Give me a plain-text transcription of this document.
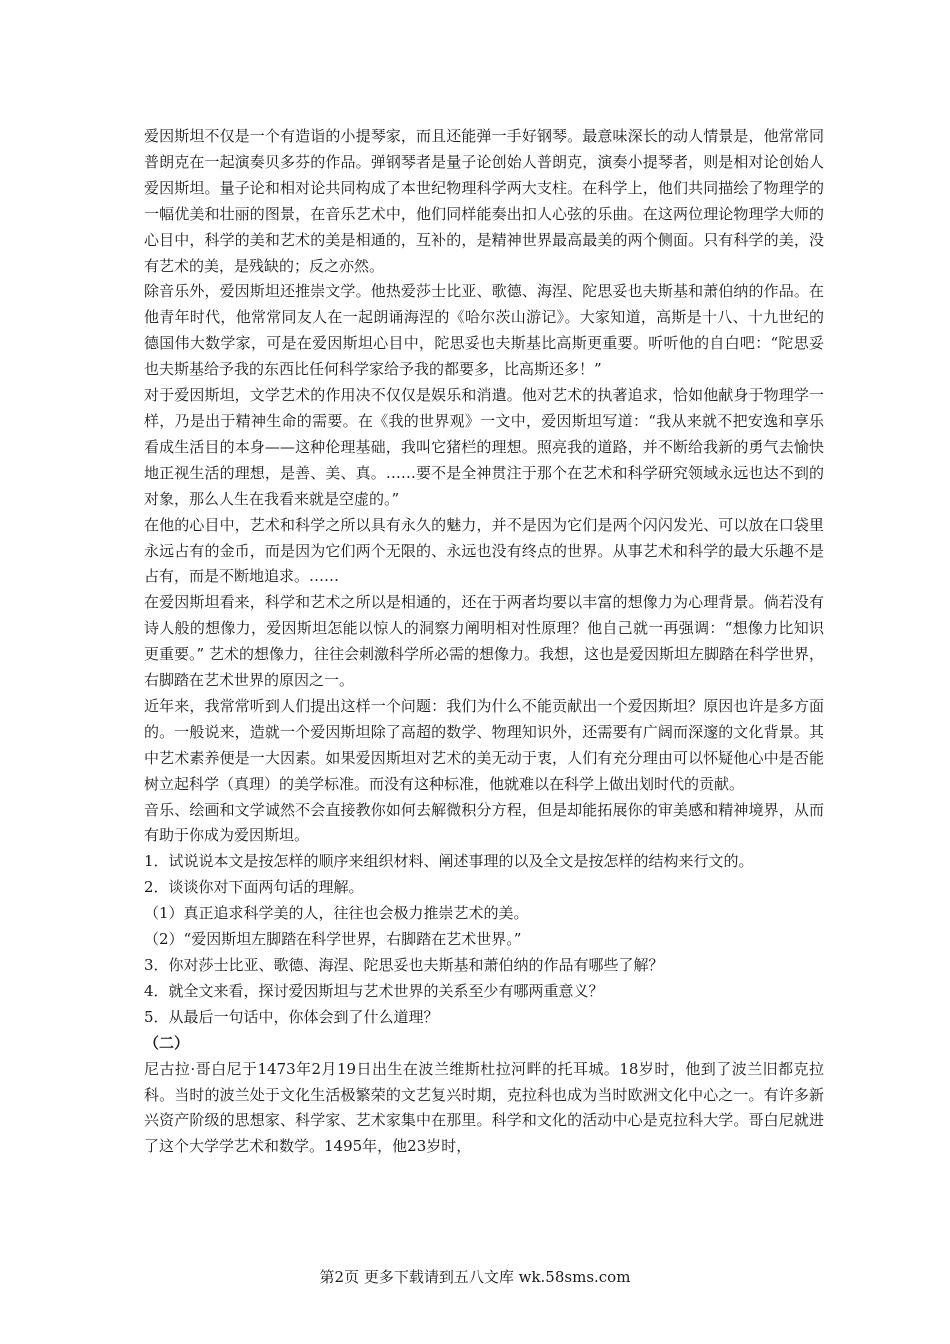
爱因斯坦不仅是一个有造诣的小提琴家，而且还能弹一手好钢琴。最意味深长的动人情景是，他常常同普朗克在一起演奏贝多芬的作品。弹钢琴者是量子论创始人普朗克，演奏小提琴者，则是相对论创始人爱因斯坦。量子论和相对论共同构成了本世纪物理科学两大支柱。在科学上，他们共同描绘了物理学的一幅优美和壮丽的图景，在音乐艺术中，他们同样能奏出扣人心弦的乐曲。在这两位理论物理学大师的心目中，科学的美和艺术的美是相通的，互补的，是精神世界最高最美的两个侧面。只有科学的美，没有艺术的美，是残缺的；反之亦然。

除音乐外，爱因斯坦还推崇文学。他热爱莎士比亚、歌德、海涅、陀思妥也夫斯基和萧伯纳的作品。在他青年时代，他常常同友人在一起朗诵海涅的《哈尔茨山游记》。大家知道，高斯是十八、十九世纪的德国伟大数学家，可是在爱因斯坦心目中，陀思妥也夫斯基比高斯更重要。听听他的自白吧：“陀思妥也夫斯基给予我的东西比任何科学家给予我的都要多，比高斯还多！”

对于爱因斯坦，文学艺术的作用决不仅仅是娱乐和消遣。他对艺术的执著追求，恰如他献身于物理学一样，乃是出于精神生命的需要。在《我的世界观》一文中，爱因斯坦写道：“我从来就不把安逸和享乐看成生活目的本身——这种伦理基础，我叫它猪栏的理想。照亮我的道路，并不断给我新的勇气去愉快地正视生活的理想，是善、美、真。……要不是全神贯注于那个在艺术和科学研究领域永远也达不到的对象，那么人生在我看来就是空虚的。”

在他的心目中，艺术和科学之所以具有永久的魅力，并不是因为它们是两个闪闪发光、可以放在口袋里永远占有的金币，而是因为它们两个无限的、永远也没有终点的世界。从事艺术和科学的最大乐趣不是占有，而是不断地追求。……

在爱因斯坦看来，科学和艺术之所以是相通的，还在于两者均要以丰富的想像力为心理背景。倘若没有诗人般的想像力，爱因斯坦怎能以惊人的洞察力阐明相对性原理？他自己就一再强调：“想像力比知识更重要。” 艺术的想像力，往往会刺激科学所必需的想像力。我想，这也是爱因斯坦左脚踏在科学世界，右脚踏在艺术世界的原因之一。

近年来，我常常听到人们提出这样一个问题：我们为什么不能贡献出一个爱因斯坦？原因也许是多方面的。一般说来，造就一个爱因斯坦除了高超的数学、物理知识外，还需要有广阔而深邃的文化背景。其中艺术素养便是一大因素。如果爱因斯坦对艺术的美无动于衷，人们有充分理由可以怀疑他心中是否能树立起科学（真理）的美学标准。而没有这种标准，他就难以在科学上做出划时代的贡献。

音乐、绘画和文学诚然不会直接教你如何去解微积分方程，但是却能拓展你的审美感和精神境界，从而有助于你成为爱因斯坦。

1．试说说本文是按怎样的顺序来组织材料、阐述事理的以及全文是按怎样的结构来行文的。

2．谈谈你对下面两句话的理解。

（1）真正追求科学美的人，往往也会极力推崇艺术的美。

（2）“爱因斯坦左脚踏在科学世界，右脚踏在艺术世界。”

3．你对莎士比亚、歌德、海涅、陀思妥也夫斯基和萧伯纳的作品有哪些了解？

4．就全文来看，探讨爱因斯坦与艺术世界的关系至少有哪两重意义？

5．从最后一句话中，你体会到了什么道理？

（二）

尼古拉·哥白尼于1473年2月19日出生在波兰维斯杜拉河畔的托耳城。18岁时，他到了波兰旧都克拉科。当时的波兰处于文化生活极繁荣的文艺复兴时期，克拉科也成为当时欧洲文化中心之一。有许多新兴资产阶级的思想家、科学家、艺术家集中在那里。科学和文化的活动中心是克拉科大学。哥白尼就进了这个大学学艺术和数学。1495年，他23岁时，

第2页 更多下载请到五八文库 wk.58sms.com
